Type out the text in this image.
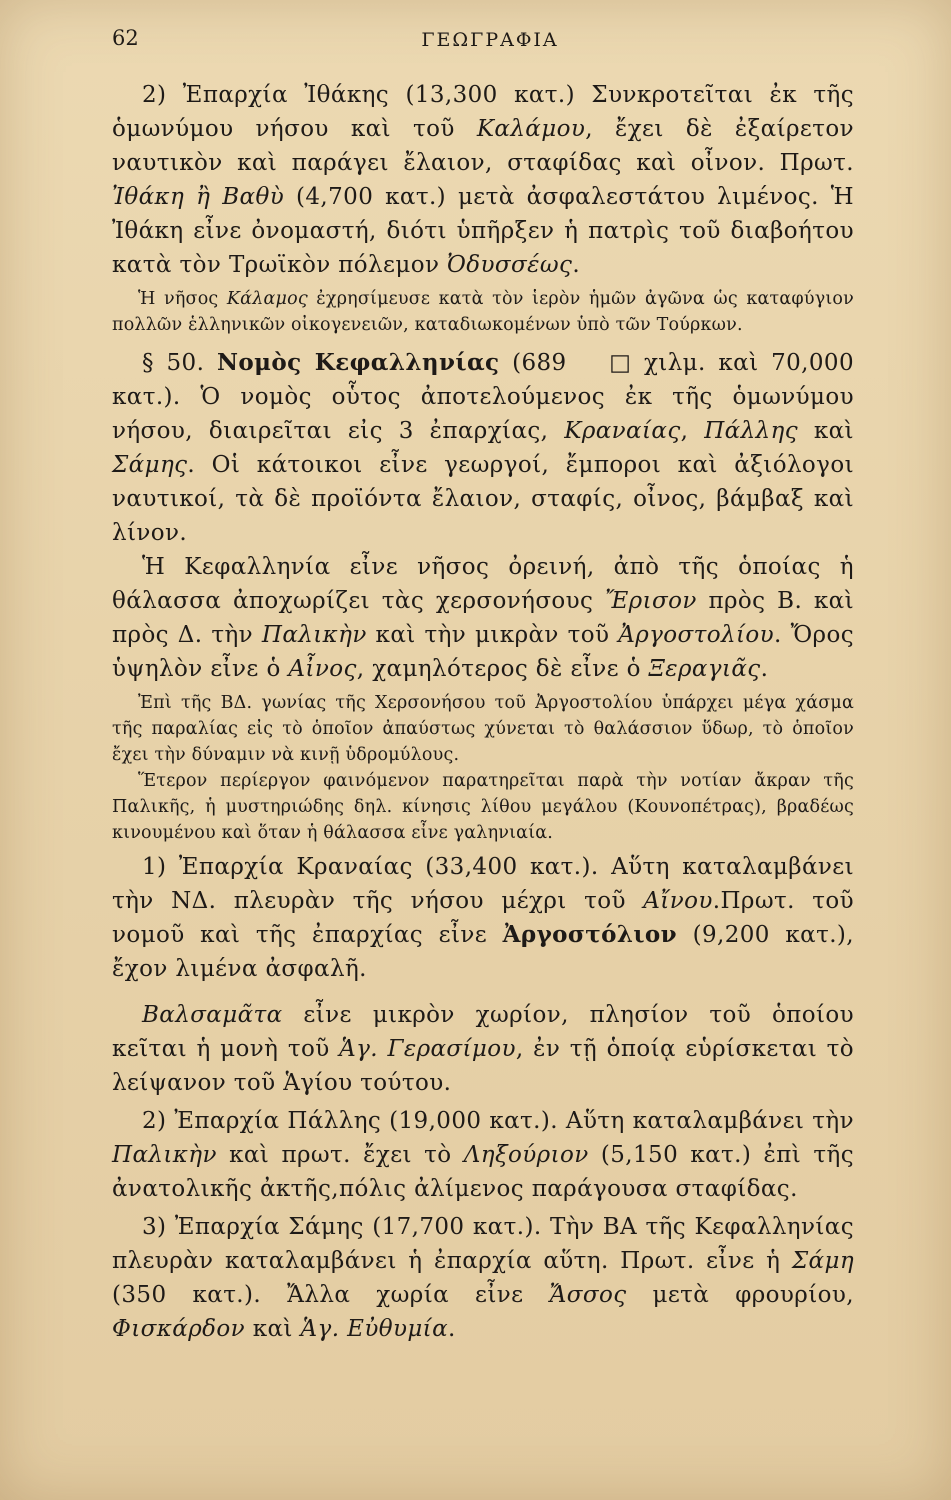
62	ΓΕΩΓΡΑΦΙΑ

2) Ἐπαρχία Ἰθάκης (13,300 κατ.) Συνκροτεῖται ἐκ τῆς ὁμωνύμου νήσου καὶ τοῦ Καλάμου, ἔχει δὲ ἐξαίρετον ναυτικὸν καὶ παράγει ἔλαιον, σταφίδας καὶ οἶνον. Πρωτ. Ἰθάκη ἢ Βαθὺ (4,700 κατ.) μετὰ ἀσφαλεστάτου λιμένος. Ἡ Ἰθάκη εἶνε ὀνομαστή, διότι ὑπῆρξεν ἡ πατρὶς τοῦ διαβοήτου κατὰ τὸν Τρωϊκὸν πόλεμον Ὀδυσσέως.

Ἡ νῆσος Κάλαμος ἐχρησίμευσε κατὰ τὸν ἱερὸν ἡμῶν ἀγῶνα ὡς καταφύγιον πολλῶν ἑλληνικῶν οἰκογενειῶν, καταδιωκομένων ὑπὸ τῶν Τούρκων.

§ 50. Νομὸς Κεφαλληνίας (689 □ χιλμ. καὶ 70,000 κατ.). Ὁ νομὸς οὗτος ἀποτελούμενος ἐκ τῆς ὁμωνύμου νήσου, διαιρεῖται εἰς 3 ἐπαρχίας, Κραναίας, Πάλλης καὶ Σάμης. Οἱ κάτοικοι εἶνε γεωργοί, ἔμποροι καὶ ἀξιόλογοι ναυτικοί, τὰ δὲ προϊόντα ἔλαιον, σταφίς, οἶνος, βάμβαξ καὶ λίνον.

Ἡ Κεφαλληνία εἶνε νῆσος ὀρεινή, ἀπὸ τῆς ὁποίας ἡ θάλασσα ἀποχωρίζει τὰς χερσονήσους Ἔρισον πρὸς Β. καὶ πρὸς Δ. τὴν Παλικὴν καὶ τὴν μικρὰν τοῦ Ἀργοστολίου. Ὄρος ὑψηλὸν εἶνε ὁ Αἶνος, χαμηλότερος δὲ εἶνε ὁ Ξεραγιᾶς.

Ἐπὶ τῆς ΒΔ. γωνίας τῆς Χερσονήσου τοῦ Ἀργοστολίου ὑπάρχει μέγα χάσμα τῆς παραλίας εἰς τὸ ὁποῖον ἀπαύστως χύνεται τὸ θαλάσσιον ὕδωρ, τὸ ὁποῖον ἔχει τὴν δύναμιν νὰ κινῇ ὑδρομύλους.

Ἕτερον περίεργον φαινόμενον παρατηρεῖται παρὰ τὴν νοτίαν ἄκραν τῆς Παλικῆς, ἡ μυστηριώδης δηλ. κίνησις λίθου μεγάλου (Κουνοπέτρας), βραδέως κινουμένου καὶ ὅταν ἡ θάλασσα εἶνε γαληνιαία.

1) Ἐπαρχία Κραναίας (33,400 κατ.). Αὕτη καταλαμβάνει τὴν ΝΔ. πλευρὰν τῆς νήσου μέχρι τοῦ Αἴνου.Πρωτ. τοῦ νομοῦ καὶ τῆς ἐπαρχίας εἶνε Ἀργοστόλιον (9,200 κατ.), ἔχον λιμένα ἀσφαλῆ.

Βαλσαμᾶτα εἶνε μικρὸν χωρίον, πλησίον τοῦ ὁποίου κεῖται ἡ μονὴ τοῦ Ἁγ. Γερασίμου, ἐν τῇ ὁποίᾳ εὑρίσκεται τὸ λείψανον τοῦ Ἁγίου τούτου.

2) Ἐπαρχία Πάλλης (19,000 κατ.). Αὕτη καταλαμβάνει τὴν Παλικὴν καὶ πρωτ. ἔχει τὸ Ληξούριον (5,150 κατ.) ἐπὶ τῆς ἀνατολικῆς ἀκτῆς,πόλις ἀλίμενος παράγουσα σταφίδας.

3) Ἐπαρχία Σάμης (17,700 κατ.). Τὴν ΒΑ τῆς Κεφαλληνίας πλευρὰν καταλαμβάνει ἡ ἐπαρχία αὕτη. Πρωτ. εἶνε ἡ Σάμη (350 κατ.). Ἄλλα χωρία εἶνε Ἄσσος μετὰ φρουρίου, Φισκάρδον καὶ Ἁγ. Εὐθυμία.
